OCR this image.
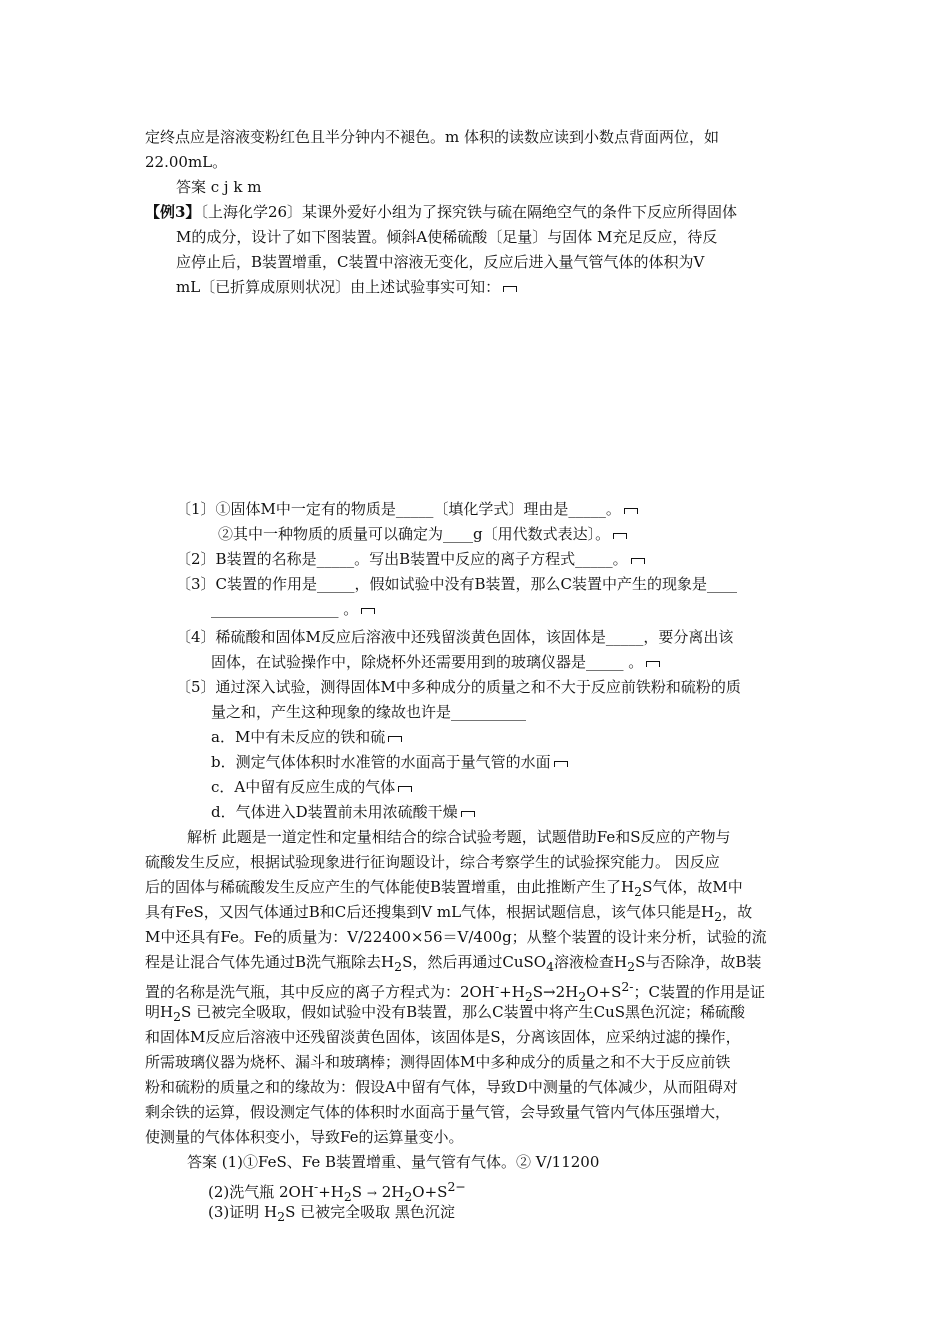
定终点应是溶液变粉红色且半分钟内不褪色。m 体积的读数应读到小数点背面两位，如
22.00mL。
答案 c j k m
【例3】〔上海化学26〕某课外爱好小组为了探究铁与硫在隔绝空气的条件下反应所得固体
M的成分，设计了如下图装置。倾斜A使稀硫酸〔足量〕与固体 M充足反应，待反
应停止后，B装置增重，C装置中溶液无变化，反应后进入量气管气体的体积为V
mL〔已折算成原则状况〕由上述试验事实可知：
〔1〕①固体M中一定有的物质是_____〔填化学式〕理由是_____。
②其中一种物质的质量可以确定为____g〔用代数式表达〕。
〔2〕B装置的名称是_____。写出B装置中反应的离子方程式_____。
〔3〕C装置的作用是_____，假如试验中没有B装置，那么C装置中产生的现象是____
_________________ 。
〔4〕稀硫酸和固体M反应后溶液中还残留淡黄色固体，该固体是_____，要分离出该
固体，在试验操作中，除烧杯外还需要用到的玻璃仪器是_____ 。
〔5〕通过深入试验，测得固体M中多种成分的质量之和不大于反应前铁粉和硫粉的质
量之和，产生这种现象的缘故也许是__________
a．M中有未反应的铁和硫
b．测定气体体积时水准管的水面高于量气管的水面
c．A中留有反应生成的气体
d．气体进入D装置前未用浓硫酸干燥
解析 此题是一道定性和定量相结合的综合试验考题，试题借助Fe和S反应的产物与
硫酸发生反应，根据试验现象进行征询题设计，综合考察学生的试验探究能力。 因反应
后的固体与稀硫酸发生反应产生的气体能使B装置增重，由此推断产生了$H_2S$气体，故M中
具有FeS，又因气体通过B和C后还搜集到V mL气体，根据试题信息，该气体只能是$H_2$，故
M中还具有Fe。Fe的质量为：V/22400×56＝V/400g；从整个装置的设计来分析，试验的流
程是让混合气体先通过B洗气瓶除去$H_2S$，然后再通过CuSO$_4$溶液检查$H_2S$与否除净，故B装
置的名称是洗气瓶，其中反应的离子方程式为：$2OH^-+H_2S\to 2H_2O+S^{2-}$；C装置的作用是证
明$H_2S$ 已被完全吸取，假如试验中没有B装置，那么C装置中将产生CuS黑色沉淀；稀硫酸
和固体M反应后溶液中还残留淡黄色固体，该固体是S，分离该固体，应采纳过滤的操作，
所需玻璃仪器为烧杯、漏斗和玻璃棒；测得固体M中多种成分的质量之和不大于反应前铁
粉和硫粉的质量之和的缘故为：假设A中留有气体，导致D中测量的气体减少，从而阻碍对
剩余铁的运算，假设测定气体的体积时水面高于量气管，会导致量气管内气体压强增大，
使测量的气体体积变小，导致Fe的运算量变小。
答案 (1)①FeS、Fe B装置增重、量气管有气体。② V/11200
(2)洗气瓶 $2OH^-+H_2S \to 2H_2O+S^{2-}$
(3)证明 $H_2S$ 已被完全吸取 黑色沉淀
